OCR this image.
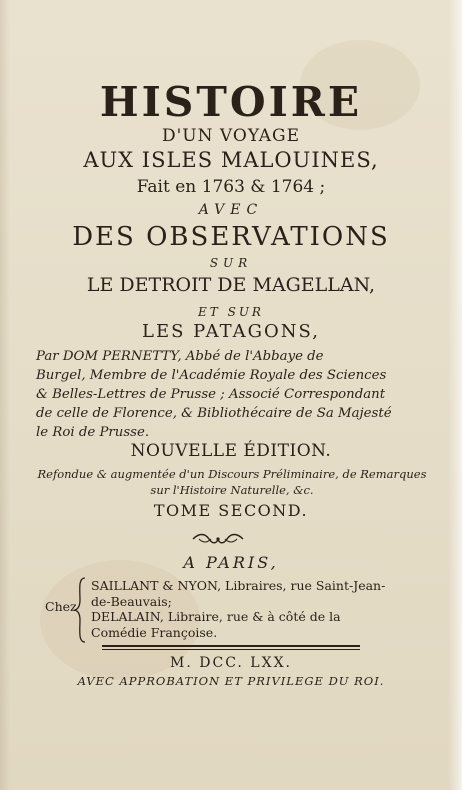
HISTOIRE
D'UN VOYAGE
AUX ISLES MALOUINES,
Fait en 1763 & 1764 ;
AVEC
DES OBSERVATIONS
SUR
LE DETROIT DE MAGELLAN,
ET SUR
LES PATAGONS,
Par DOM PERNETTY, Abbé de l'Abbaye de
Burgel, Membre de l'Académie Royale des Sciences
& Belles-Lettres de Prusse ; Associé Correspondant
de celle de Florence, & Bibliothécaire de Sa Majesté
le Roi de Prusse.
NOUVELLE ÉDITION.
Refondue & augmentée d'un Discours Préliminaire, de Remarques
sur l'Histoire Naturelle, &c.
TOME SECOND.
A PARIS,
Chez
SAILLANT & NYON, Libraires, rue Saint-Jean-
de-Beauvais;
DELALAIN, Libraire, rue & à côté de la
Comédie Françoise.
M. DCC. LXX.
AVEC APPROBATION ET PRIVILEGE DU ROI.
